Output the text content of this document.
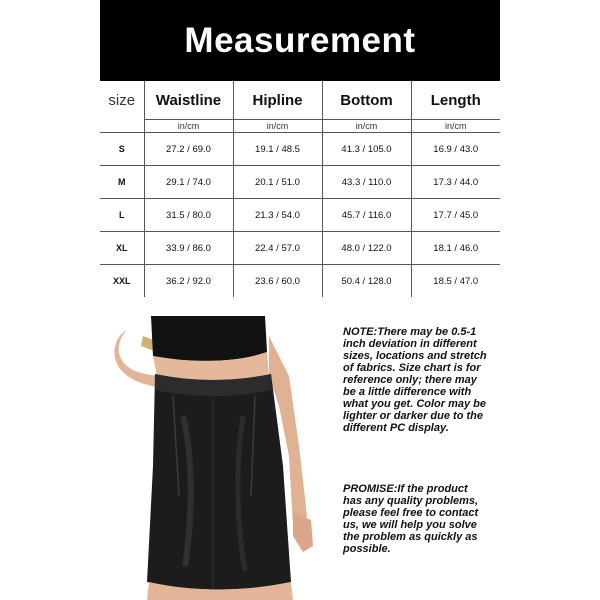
Measurement
size	Waistline	Hipline	Bottom	Length
	in/cm	in/cm	in/cm	in/cm
S	27.2 / 69.0	19.1 / 48.5	41.3 / 105.0	16.9 / 43.0
M	29.1 / 74.0	20.1 / 51.0	43.3 / 110.0	17.3 / 44.0
L	31.5 / 80.0	21.3 / 54.0	45.7 / 116.0	17.7 / 45.0
XL	33.9 / 86.0	22.4 / 57.0	48.0 / 122.0	18.1 / 46.0
XXL	36.2 / 92.0	23.6 / 60.0	50.4 / 128.0	18.5 / 47.0
NOTE:There may be 0.5-1 inch deviation in different sizes, locations and stretch of fabrics. Size chart is for reference only; there may be a little difference with what you get. Color may be lighter or darker due to the different PC display.
PROMISE:If the product has any quality problems, please feel free to contact us, we will help you solve the problem as quickly as possible.
